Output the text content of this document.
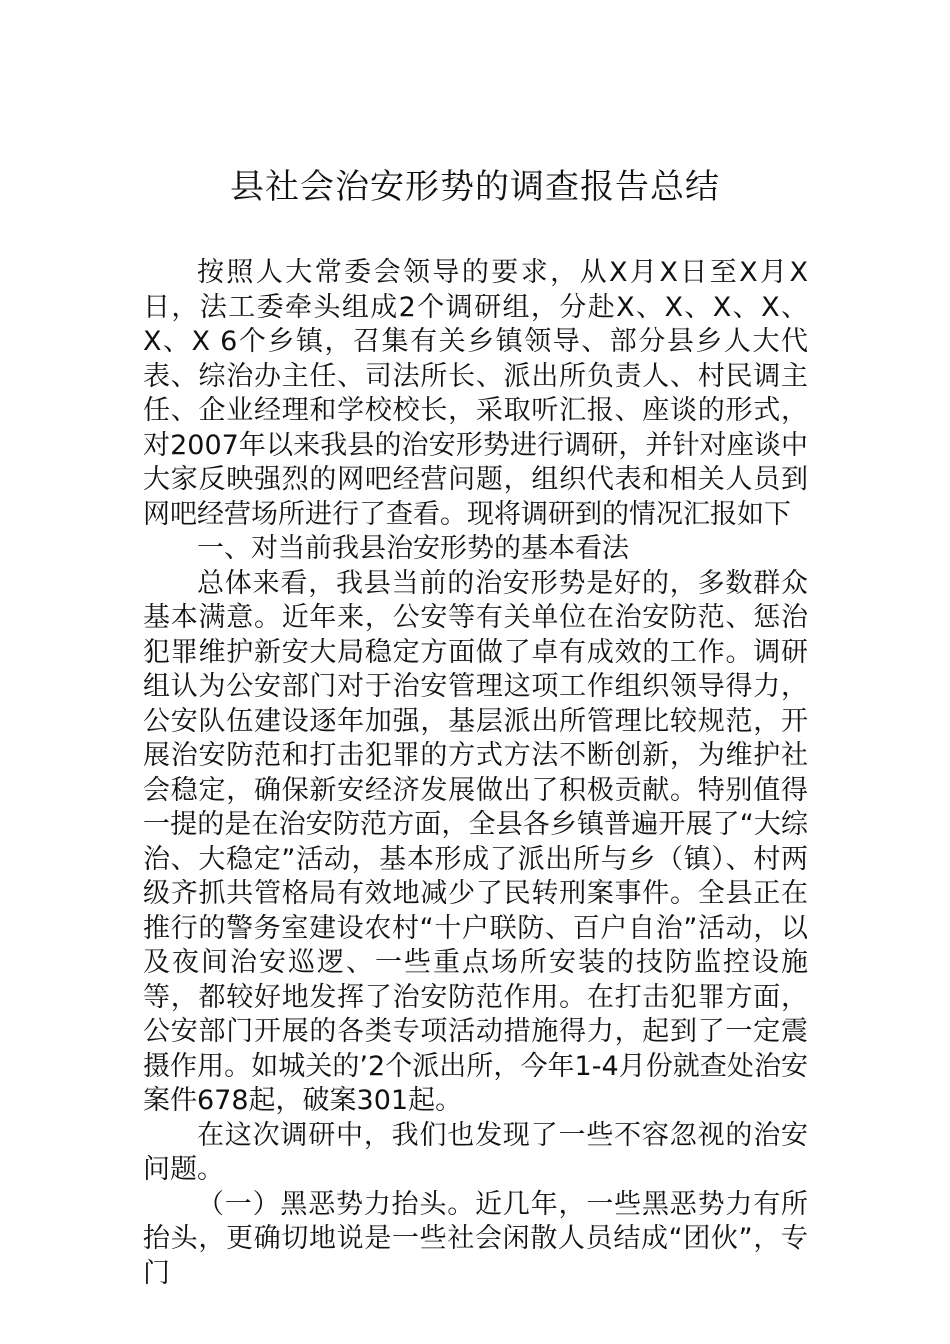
县社会治安形势的调查报告总结

按照人大常委会领导的要求，从X月X日至X月X日，法工委牵头组成2个调研组，分赴X、X、X、X、X、X 6个乡镇，召集有关乡镇领导、部分县乡人大代表、综治办主任、司法所长、派出所负责人、村民调主任、企业经理和学校校长，采取听汇报、座谈的形式，对2007年以来我县的治安形势进行调研，并针对座谈中大家反映强烈的网吧经营问题，组织代表和相关人员到网吧经营场所进行了查看。现将调研到的情况汇报如下

一、对当前我县治安形势的基本看法

总体来看，我县当前的治安形势是好的，多数群众基本满意。近年来，公安等有关单位在治安防范、惩治犯罪维护新安大局稳定方面做了卓有成效的工作。调研组认为公安部门对于治安管理这项工作组织领导得力，公安队伍建设逐年加强，基层派出所管理比较规范，开展治安防范和打击犯罪的方式方法不断创新，为维护社会稳定，确保新安经济发展做出了积极贡献。特别值得一提的是在治安防范方面，全县各乡镇普遍开展了“大综治、大稳定”活动，基本形成了派出所与乡（镇）、村两级齐抓共管格局有效地减少了民转刑案事件。全县正在推行的警务室建设农村“十户联防、百户自治”活动，以及夜间治安巡逻、一些重点场所安装的技防监控设施等，都较好地发挥了治安防范作用。在打击犯罪方面，公安部门开展的各类专项活动措施得力，起到了一定震摄作用。如城关的’2个派出所，今年1-4月份就查处治安案件678起，破案301起。

在这次调研中，我们也发现了一些不容忽视的治安问题。

（一）黑恶势力抬头。近几年，一些黑恶势力有所抬头，更确切地说是一些社会闲散人员结成“团伙”，专门
